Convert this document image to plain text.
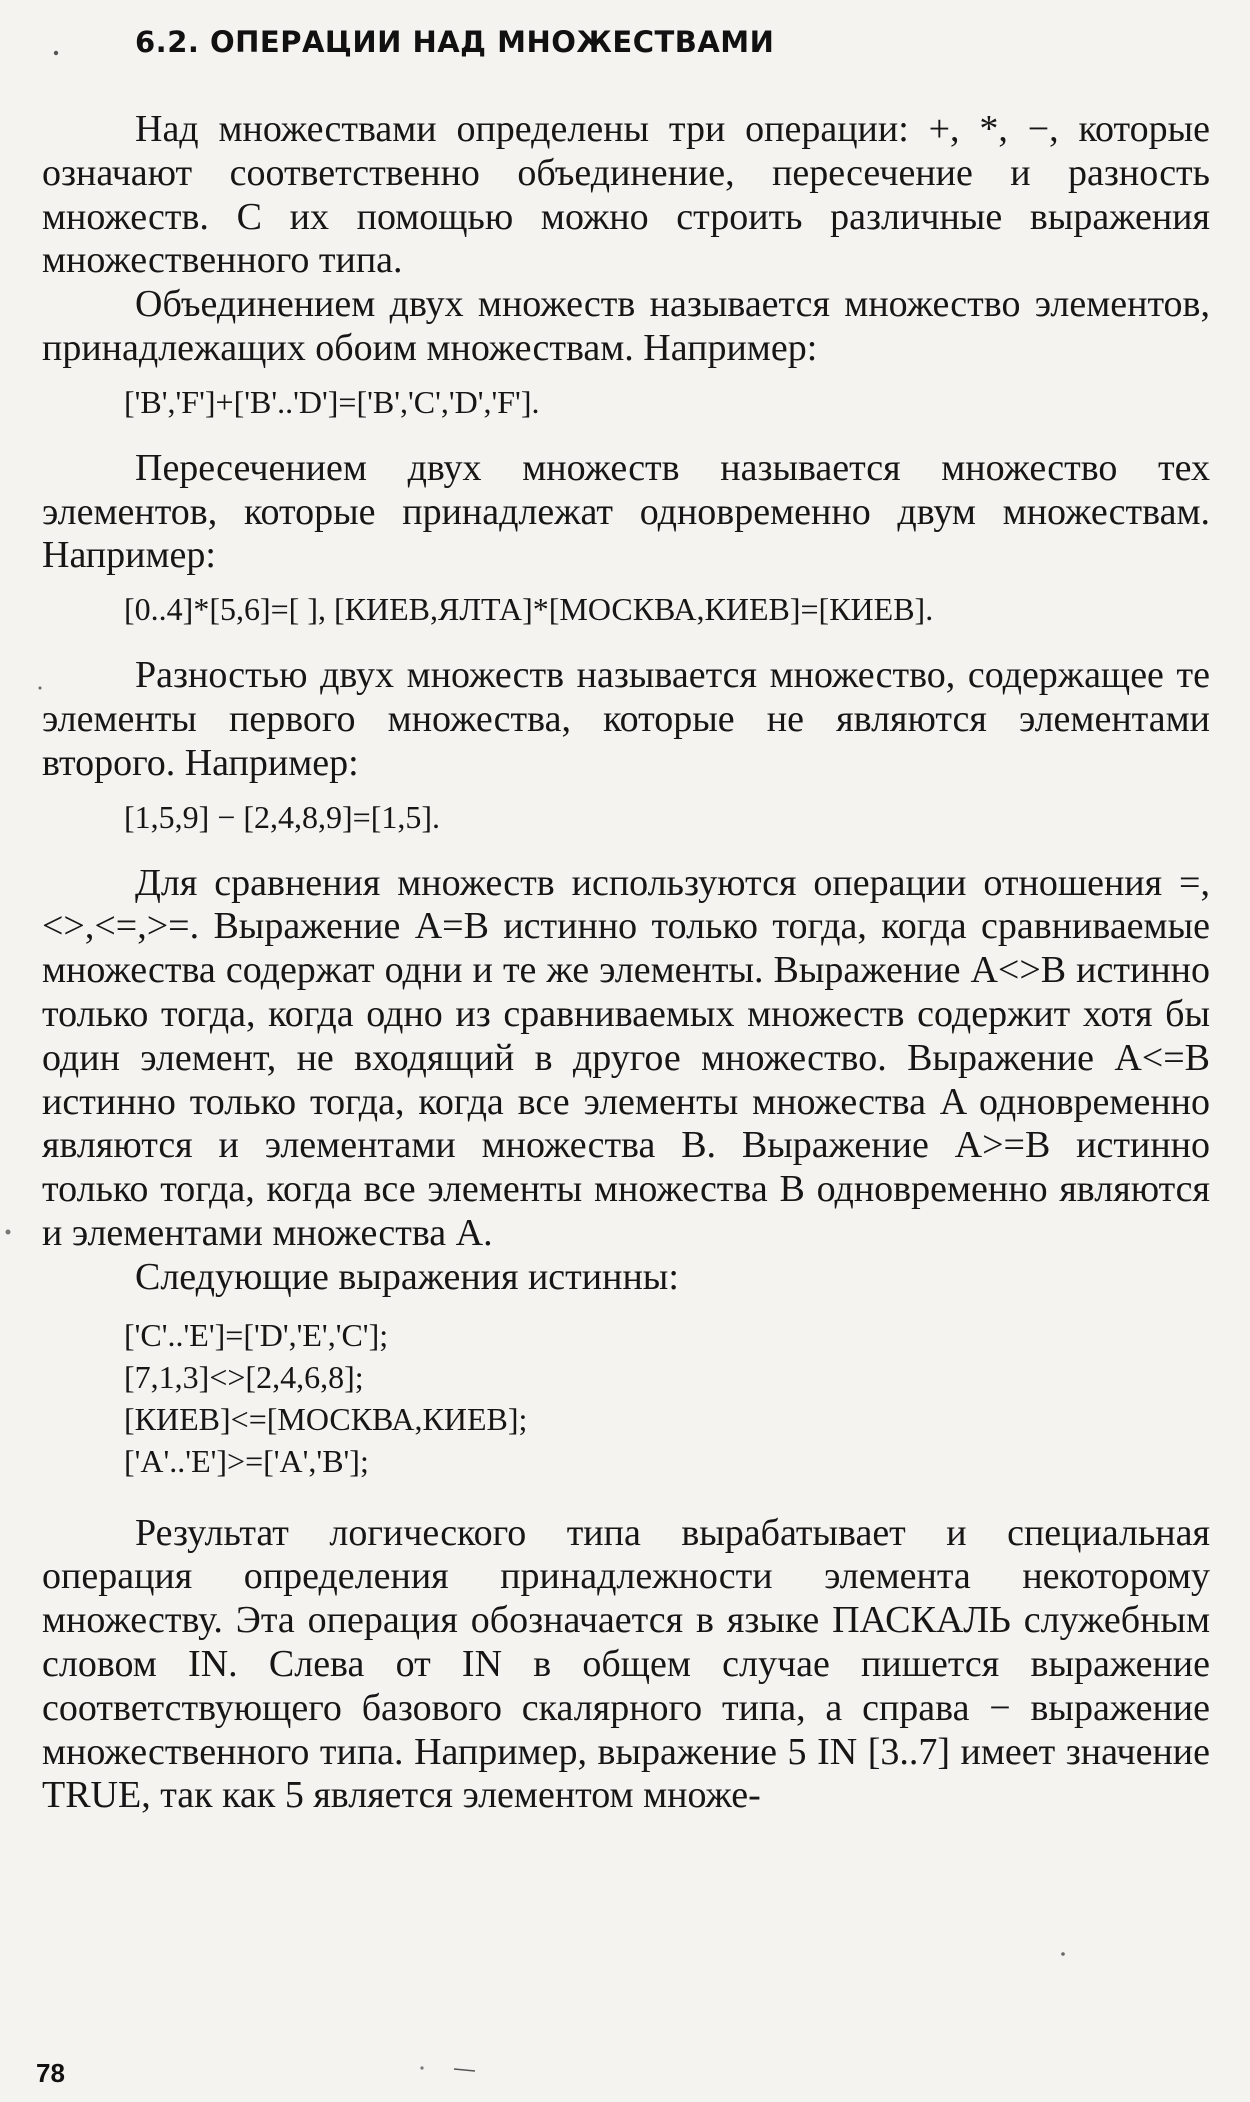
6.2. ОПЕРАЦИИ НАД МНОЖЕСТВАМИ

Над множествами определены три операции: +, *, −, которые означают соответственно объединение, пересечение и разность множеств. С их помощью можно строить различные выражения множественного типа.

Объединением двух множеств называется множество элементов, принадлежащих обоим множествам. Например:

['B','F']+['B'..'D']=['B','C','D','F'].

Пересечением двух множеств называется множество тех элементов, которые принадлежат одновременно двум множествам. Например:

[0..4]*[5,6]=[ ], [КИЕВ,ЯЛТА]*[МОСКВА,КИЕВ]=[КИЕВ].

Разностью двух множеств называется множество, содержащее те элементы первого множества, которые не являются элементами второго. Например:

[1,5,9] − [2,4,8,9]=[1,5].

Для сравнения множеств используются операции отношения =,<>,<=,>=. Выражение A=B истинно только тогда, когда сравниваемые множества содержат одни и те же элементы. Выражение A<>B истинно только тогда, когда одно из сравниваемых множеств содержит хотя бы один элемент, не входящий в другое множество. Выражение A<=B истинно только тогда, когда все элементы множества A одновременно являются и элементами множества B. Выражение A>=B истинно только тогда, когда все элементы множества B одновременно являются и элементами множества A.

Следующие выражения истинны:

['C'..'E']=['D','E','C'];

[7,1,3]<>[2,4,6,8];

[КИЕВ]<=[МОСКВА,КИЕВ];

['A'..'E']>=['A','B'];

Результат логического типа вырабатывает и специальная операция определения принадлежности элемента некоторому множеству. Эта операция обозначается в языке ПАСКАЛЬ служебным словом IN. Слева от IN в общем случае пишется выражение соответствующего базового скалярного типа, а справа − выражение множественного типа. Например, выражение 5 IN [3..7] имеет значение TRUE, так как 5 является элементом множе-

78
